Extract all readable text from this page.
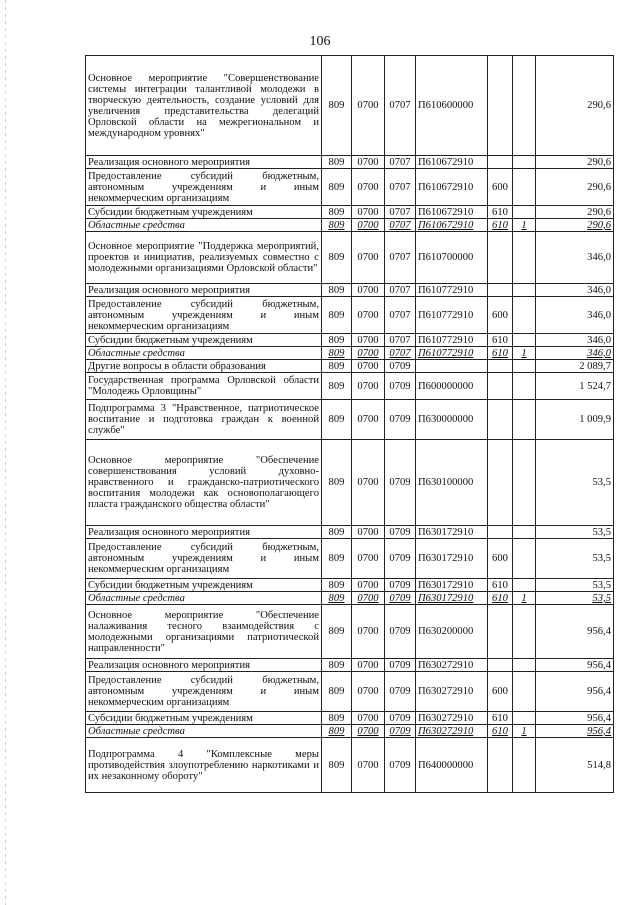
106
Основное мероприятие "Совершенствование системы интеграции талантливой молодежи в творческую деятельность, создание условий для увеличения представительства делегаций Орловской области на межрегиональном и международном уровнях"	809	0700	0707	П610600000			290,6
Реализация основного мероприятия	809	0700	0707	П610672910			290,6
Предоставление субсидий бюджетным, автономным учреждениям и иным некоммерческим организациям	809	0700	0707	П610672910	600		290,6
Субсидии бюджетным учреждениям	809	0700	0707	П610672910	610		290,6
Областные средства	809	0700	0707	П610672910	610	1	290,6
Основное мероприятие "Поддержка мероприятий, проектов и инициатив, реализуемых совместно с молодежными организациями Орловской области"	809	0700	0707	П610700000			346,0
Реализация основного мероприятия	809	0700	0707	П610772910			346,0
Предоставление субсидий бюджетным, автономным учреждениям и иным некоммерческим организациям	809	0700	0707	П610772910	600		346,0
Субсидии бюджетным учреждениям	809	0700	0707	П610772910	610		346,0
Областные средства	809	0700	0707	П610772910	610	1	346,0
Другие вопросы в области образования	809	0700	0709				2 089,7
Государственная программа Орловской области "Молодежь Орловщины"	809	0700	0709	П600000000			1 524,7
Подпрограмма 3 "Нравственное, патриотическое воспитание и подготовка граждан к военной службе"	809	0700	0709	П630000000			1 009,9
Основное мероприятие "Обеспечение совершенствования условий духовно-нравственного и гражданско-патриотического воспитания молодежи как основополагающего пласта гражданского общества области"	809	0700	0709	П630100000			53,5
Реализация основного мероприятия	809	0700	0709	П630172910			53,5
Предоставление субсидий бюджетным, автономным учреждениям и иным некоммерческим организациям	809	0700	0709	П630172910	600		53,5
Субсидии бюджетным учреждениям	809	0700	0709	П630172910	610		53,5
Областные средства	809	0700	0709	П630172910	610	1	53,5
Основное мероприятие "Обеспечение налаживания тесного взаимодействия с молодежными организациями патриотической направленности"	809	0700	0709	П630200000			956,4
Реализация основного мероприятия	809	0700	0709	П630272910			956,4
Предоставление субсидий бюджетным, автономным учреждениям и иным некоммерческим организациям	809	0700	0709	П630272910	600		956,4
Субсидии бюджетным учреждениям	809	0700	0709	П630272910	610		956,4
Областные средства	809	0700	0709	П630272910	610	1	956,4
Подпрограмма 4 "Комплексные меры противодействия злоупотреблению наркотиками и их незаконному обороту"	809	0700	0709	П640000000			514,8
